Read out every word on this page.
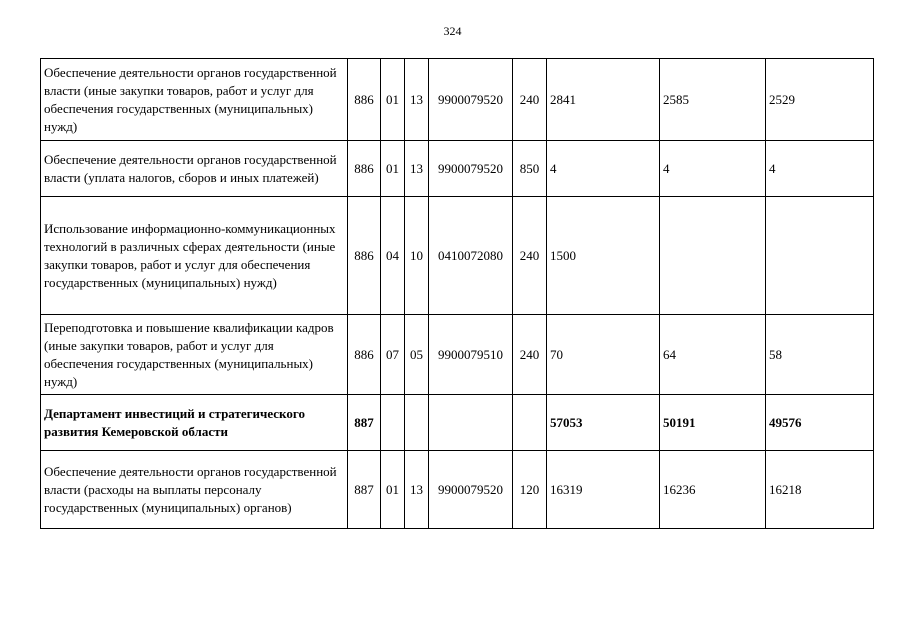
324
Обеспечение деятельности органов государственной власти (иные закупки товаров, работ и услуг для обеспечения государственных (муниципальных) нужд)	886	01	13	9900079520	240	2841	2585	2529
Обеспечение деятельности органов государственной власти (уплата налогов, сборов и иных платежей)	886	01	13	9900079520	850	4	4	4
Использование информационно-коммуникационных технологий в различных сферах деятельности (иные закупки товаров, работ и услуг для обеспечения государственных (муниципальных) нужд)	886	04	10	0410072080	240	1500		
Переподготовка и повышение квалификации кадров (иные закупки товаров, работ и услуг для обеспечения государственных (муниципальных) нужд)	886	07	05	9900079510	240	70	64	58
Департамент инвестиций и стратегического развития Кемеровской области	887					57053	50191	49576
Обеспечение деятельности органов государственной власти (расходы на выплаты персоналу государственных (муниципальных) органов)	887	01	13	9900079520	120	16319	16236	16218
